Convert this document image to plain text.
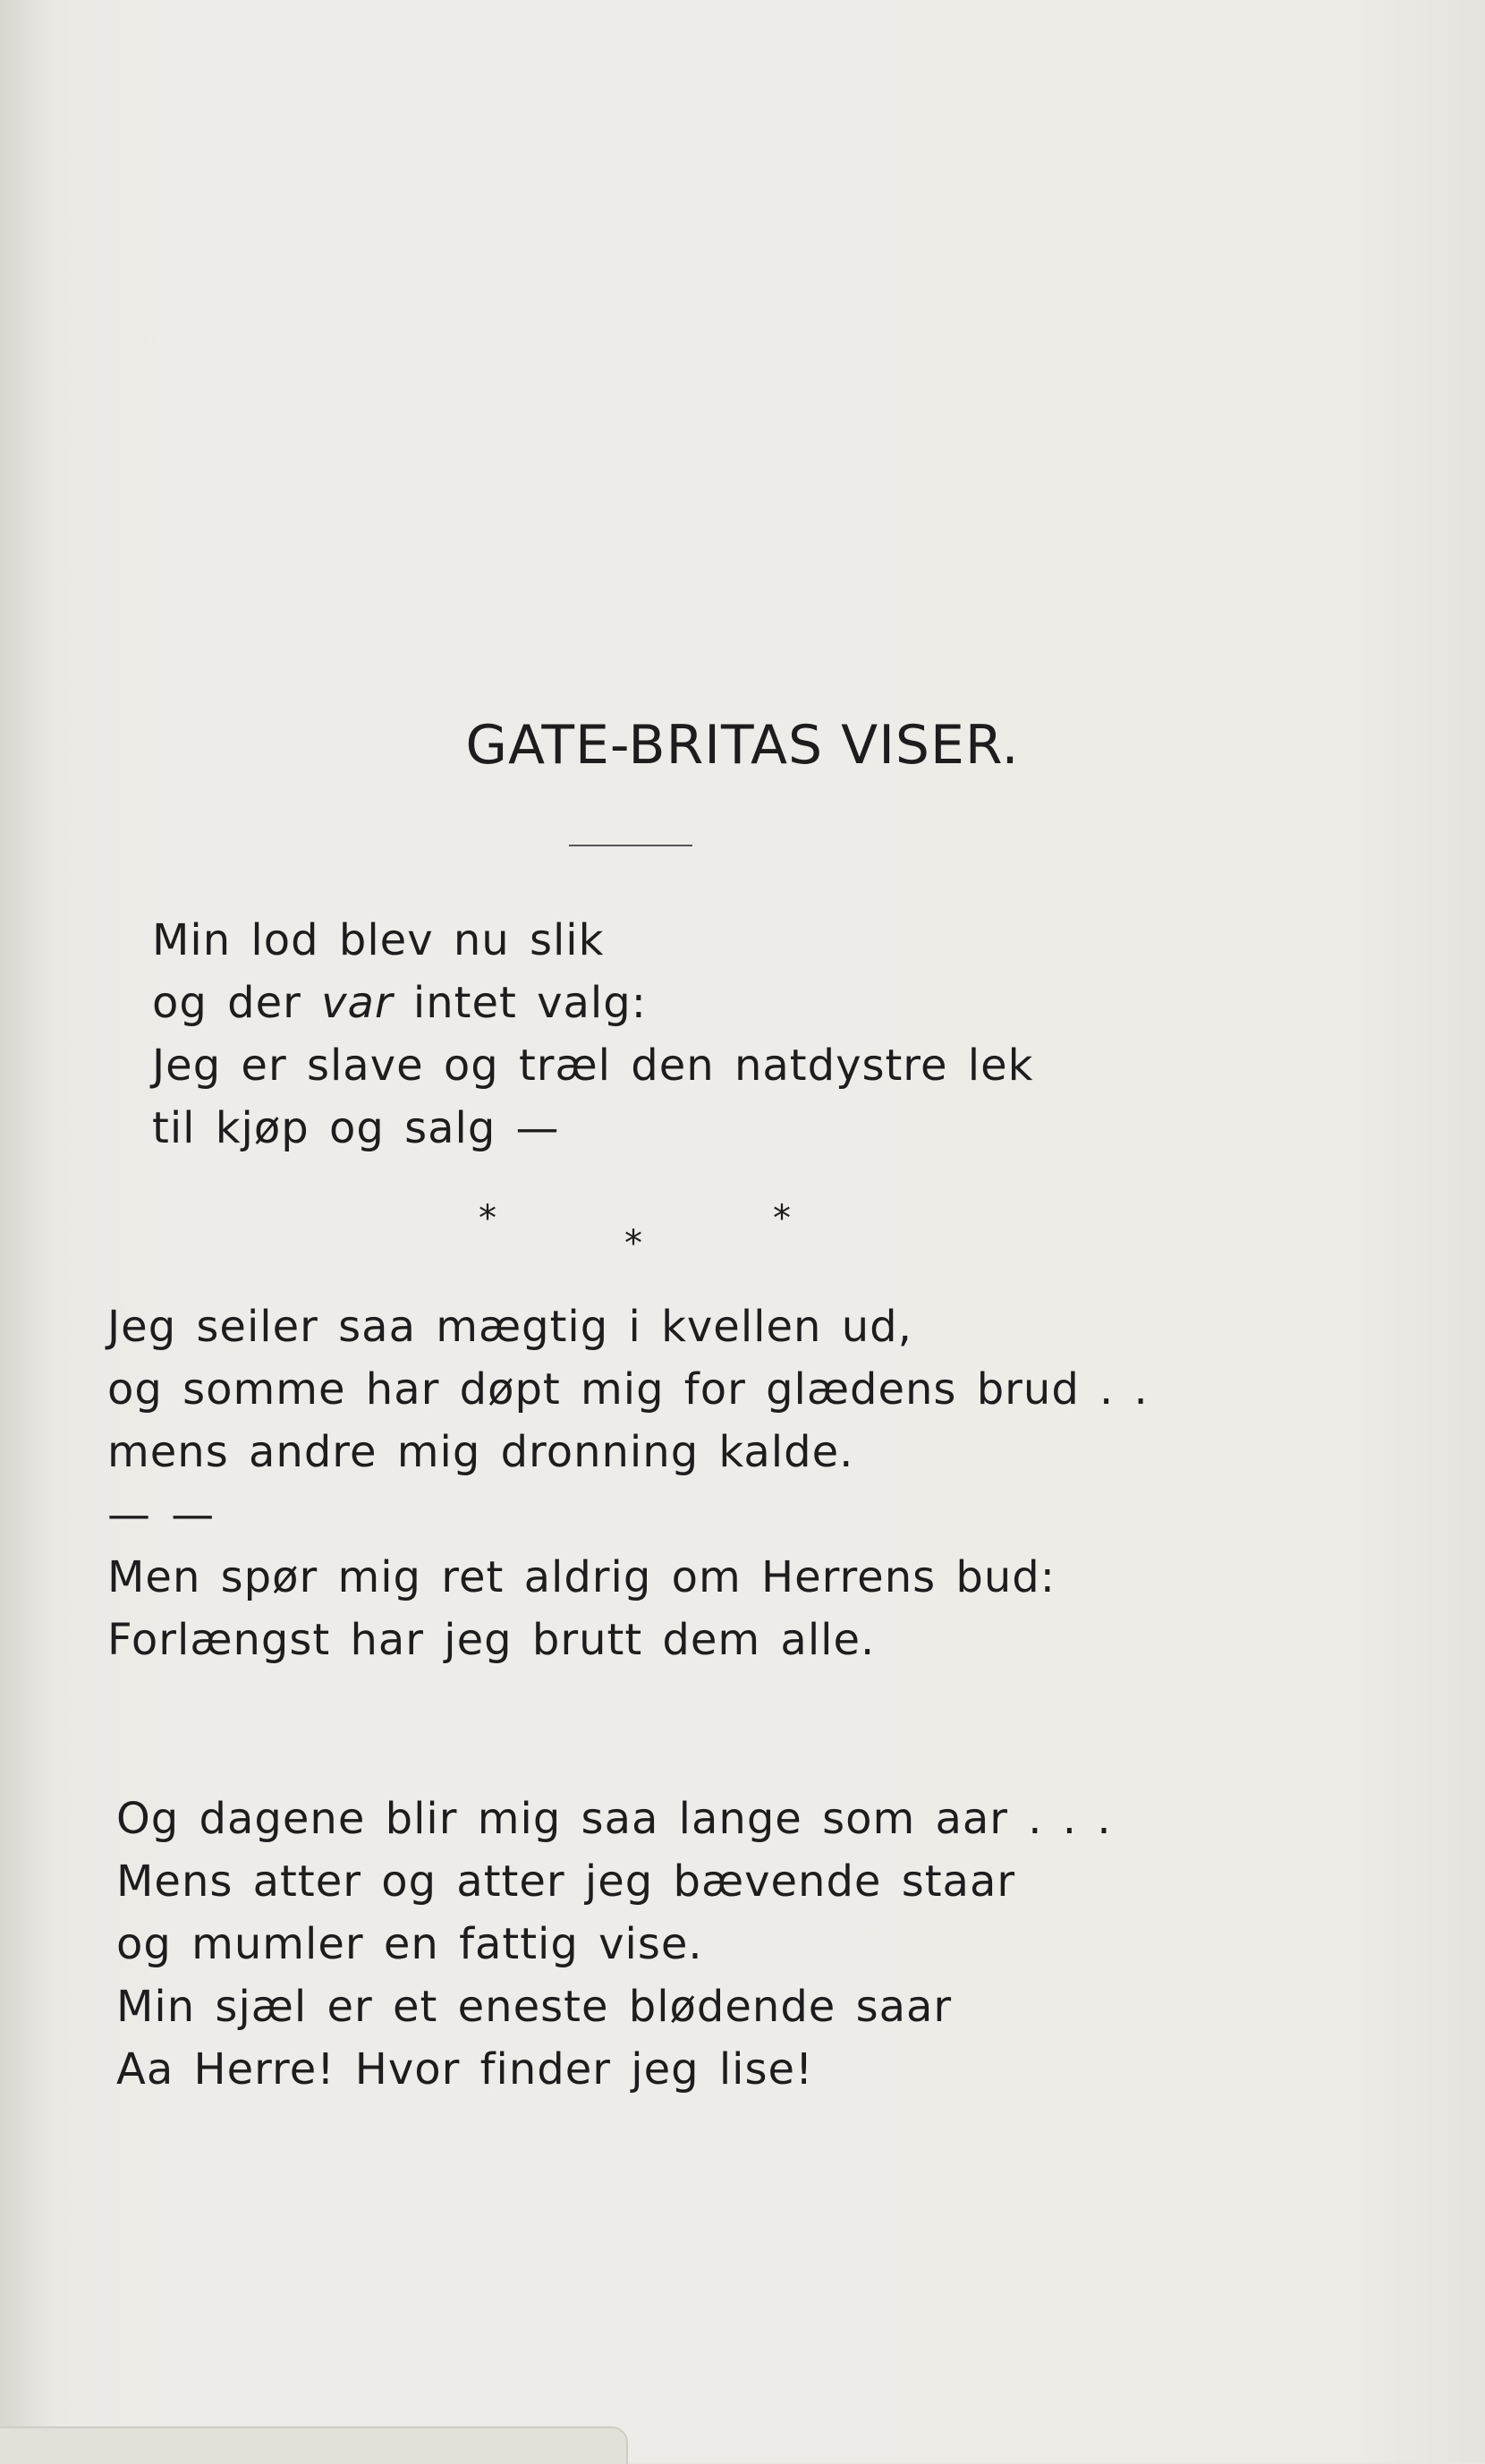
GATE-BRITAS VISER.
Min lod blev nu slik
og der var intet valg:
Jeg er slave og træl den natdystre lek
til kjøp og salg —
*
*
*
Jeg seiler saa mægtig i kvellen ud,
og somme har døpt mig for glædens brud . .
mens andre mig dronning kalde.
— —
Men spør mig ret aldrig om Herrens bud:
Forlængst har jeg brutt dem alle.
Og dagene blir mig saa lange som aar . . .
Mens atter og atter jeg bævende staar
og mumler en fattig vise.
Min sjæl er et eneste blødende saar
Aa Herre! Hvor finder jeg lise!
